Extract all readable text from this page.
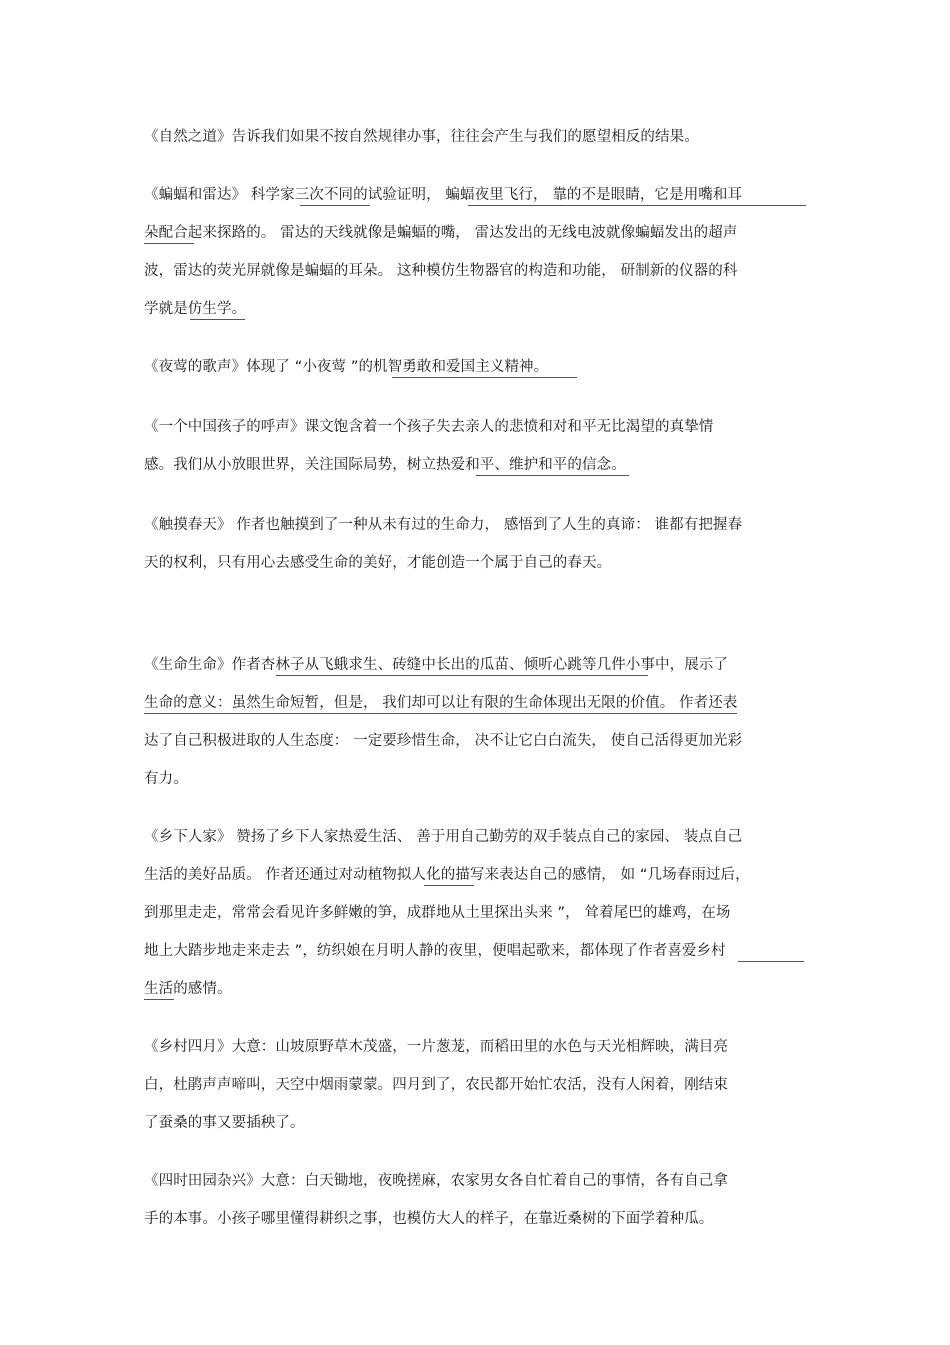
《自然之道》告诉我们如果不按自然规律办事，往往会产生与我们的愿望相反的结果。
《蝙蝠和雷达》 科学家三次不同的试验证明， 蝙蝠夜里飞行， 靠的不是眼睛，它是用嘴和耳
朵配合起来探路的。 雷达的天线就像是蝙蝠的嘴， 雷达发出的无线电波就像蝙蝠发出的超声
波，雷达的荧光屏就像是蝙蝠的耳朵。 这种模仿生物器官的构造和功能， 研制新的仪器的科
学就是仿生学。
《夜莺的歌声》体现了 “小夜莺 ”的机智勇敢和爱国主义精神。
《一个中国孩子的呼声》课文饱含着一个孩子失去亲人的悲愤和对和平无比渴望的真挚情
感。我们从小放眼世界，关注国际局势，树立热爱和平、维护和平的信念。
《触摸春天》 作者也触摸到了一种从未有过的生命力， 感悟到了人生的真谛： 谁都有把握春
天的权利，只有用心去感受生命的美好，才能创造一个属于自己的春天。
《生命生命》作者杏林子从飞蛾求生、砖缝中长出的瓜苗、倾听心跳等几件小事中，展示了
生命的意义：虽然生命短暂，但是， 我们却可以让有限的生命体现出无限的价值。 作者还表
达了自己积极进取的人生态度： 一定要珍惜生命， 决不让它白白流失， 使自己活得更加光彩
有力。
《乡下人家》 赞扬了乡下人家热爱生活、 善于用自己勤劳的双手装点自己的家园、 装点自己
生活的美好品质。 作者还通过对动植物拟人化的描写来表达自己的感情， 如 “几场春雨过后，
到那里走走，常常会看见许多鲜嫩的笋，成群地从土里探出头来 ”， 耸着尾巴的雄鸡，在场
地上大踏步地走来走去 ”，纺织娘在月明人静的夜里，便唱起歌来，都体现了作者喜爱乡村
生活的感情。
《乡村四月》大意：山坡原野草木茂盛，一片葱茏，而稻田里的水色与天光相辉映，满目亮
白，杜鹃声声啼叫，天空中烟雨蒙蒙。四月到了，农民都开始忙农活，没有人闲着，刚结束
了蚕桑的事又要插秧了。
《四时田园杂兴》大意：白天锄地，夜晚搓麻，农家男女各自忙着自己的事情，各有自己拿
手的本事。小孩子哪里懂得耕织之事，也模仿大人的样子，在靠近桑树的下面学着种瓜。
